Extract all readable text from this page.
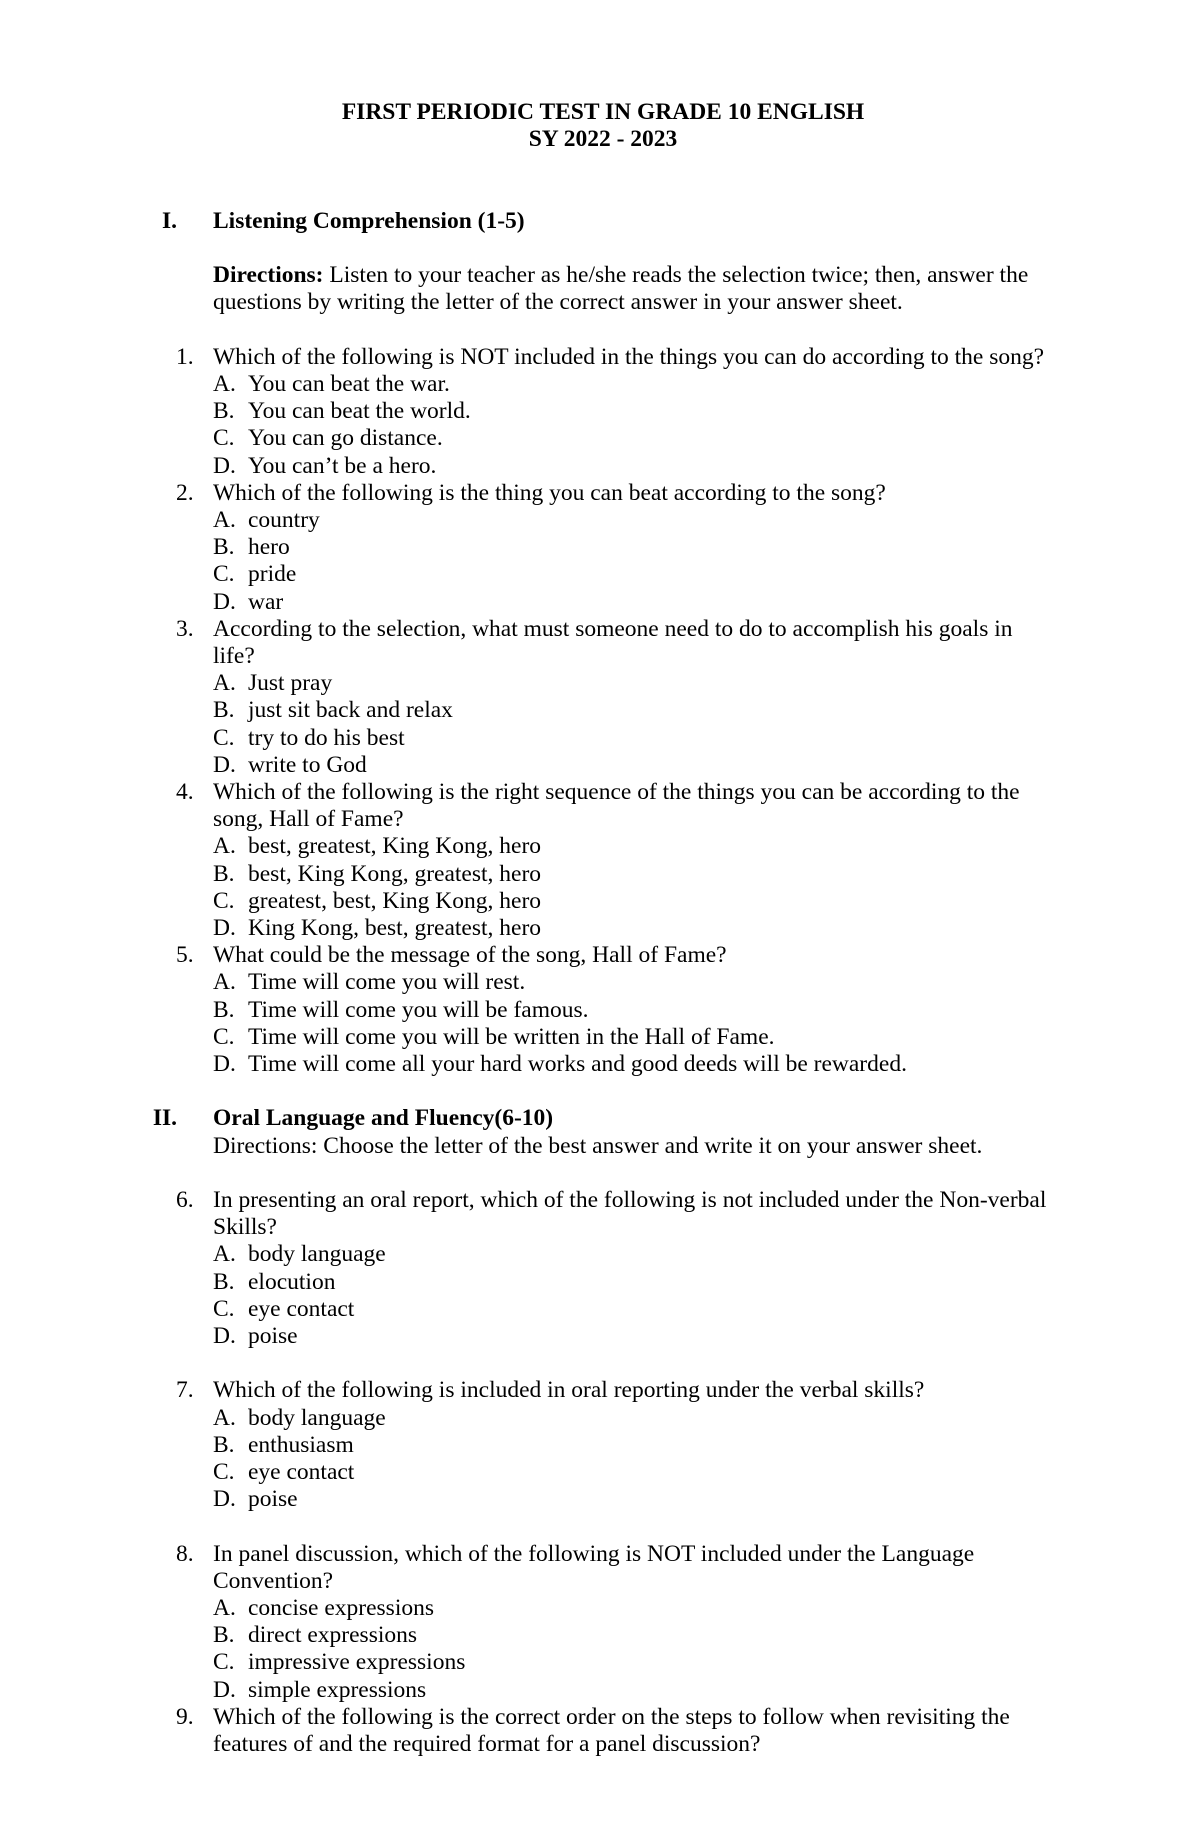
FIRST PERIODIC TEST IN GRADE 10 ENGLISH
SY 2022 - 2023
I. Listening Comprehension (1-5)
Directions: Listen to your teacher as he/she reads the selection twice; then, answer the
questions by writing the letter of the correct answer in your answer sheet.
1. Which of the following is NOT included in the things you can do according to the song?
A. You can beat the war.
B. You can beat the world.
C. You can go distance.
D. You can’t be a hero.
2. Which of the following is the thing you can beat according to the song?
A. country
B. hero
C. pride
D. war
3. According to the selection, what must someone need to do to accomplish his goals in
life?
A. Just pray
B. just sit back and relax
C. try to do his best
D. write to God
4. Which of the following is the right sequence of the things you can be according to the
song, Hall of Fame?
A. best, greatest, King Kong, hero
B. best, King Kong, greatest, hero
C. greatest, best, King Kong, hero
D. King Kong, best, greatest, hero
5. What could be the message of the song, Hall of Fame?
A. Time will come you will rest.
B. Time will come you will be famous.
C. Time will come you will be written in the Hall of Fame.
D. Time will come all your hard works and good deeds will be rewarded.
II. Oral Language and Fluency(6-10)
Directions: Choose the letter of the best answer and write it on your answer sheet.
6. In presenting an oral report, which of the following is not included under the Non-verbal
Skills?
A. body language
B. elocution
C. eye contact
D. poise
7. Which of the following is included in oral reporting under the verbal skills?
A. body language
B. enthusiasm
C. eye contact
D. poise
8. In panel discussion, which of the following is NOT included under the Language
Convention?
A. concise expressions
B. direct expressions
C. impressive expressions
D. simple expressions
9. Which of the following is the correct order on the steps to follow when revisiting the
features of and the required format for a panel discussion?
